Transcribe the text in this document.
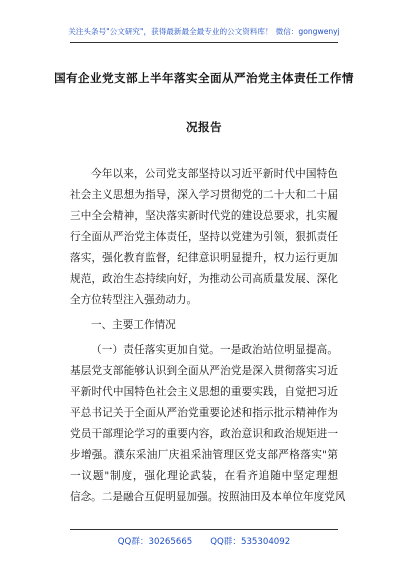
关注头条号"公文研究"，获得最新最全最专业的公文资料库！ 微信：gongwenyj
国有企业党支部上半年落实全面从严治党主体责任工作情
况报告
今年以来，公司党支部坚持以习近平新时代中国特色
社会主义思想为指导，深入学习贯彻党的二十大和二十届
三中全会精神，坚决落实新时代党的建设总要求，扎实履
行全面从严治党主体责任，坚持以党建为引领，狠抓责任
落实，强化教育监督，纪律意识明显提升，权力运行更加
规范，政治生态持续向好，为推动公司高质量发展、深化
全方位转型注入强劲动力。
一、主要工作情况
（一）责任落实更加自觉。一是政治站位明显提高。
基层党支部能够认识到全面从严治党是深入贯彻落实习近
平新时代中国特色社会主义思想的重要实践，自觉把习近
平总书记关于全面从严治党重要论述和指示批示精神作为
党员干部理论学习的重要内容，政治意识和政治规矩进一
步增强。濮东采油厂庆祖采油管理区党支部严格落实"第
一议题"制度，强化理论武装，在看齐追随中坚定理想
信念。二是融合互促明显加强。按照油田及本单位年度党风
QQ群：30265665 QQ群：535304092
